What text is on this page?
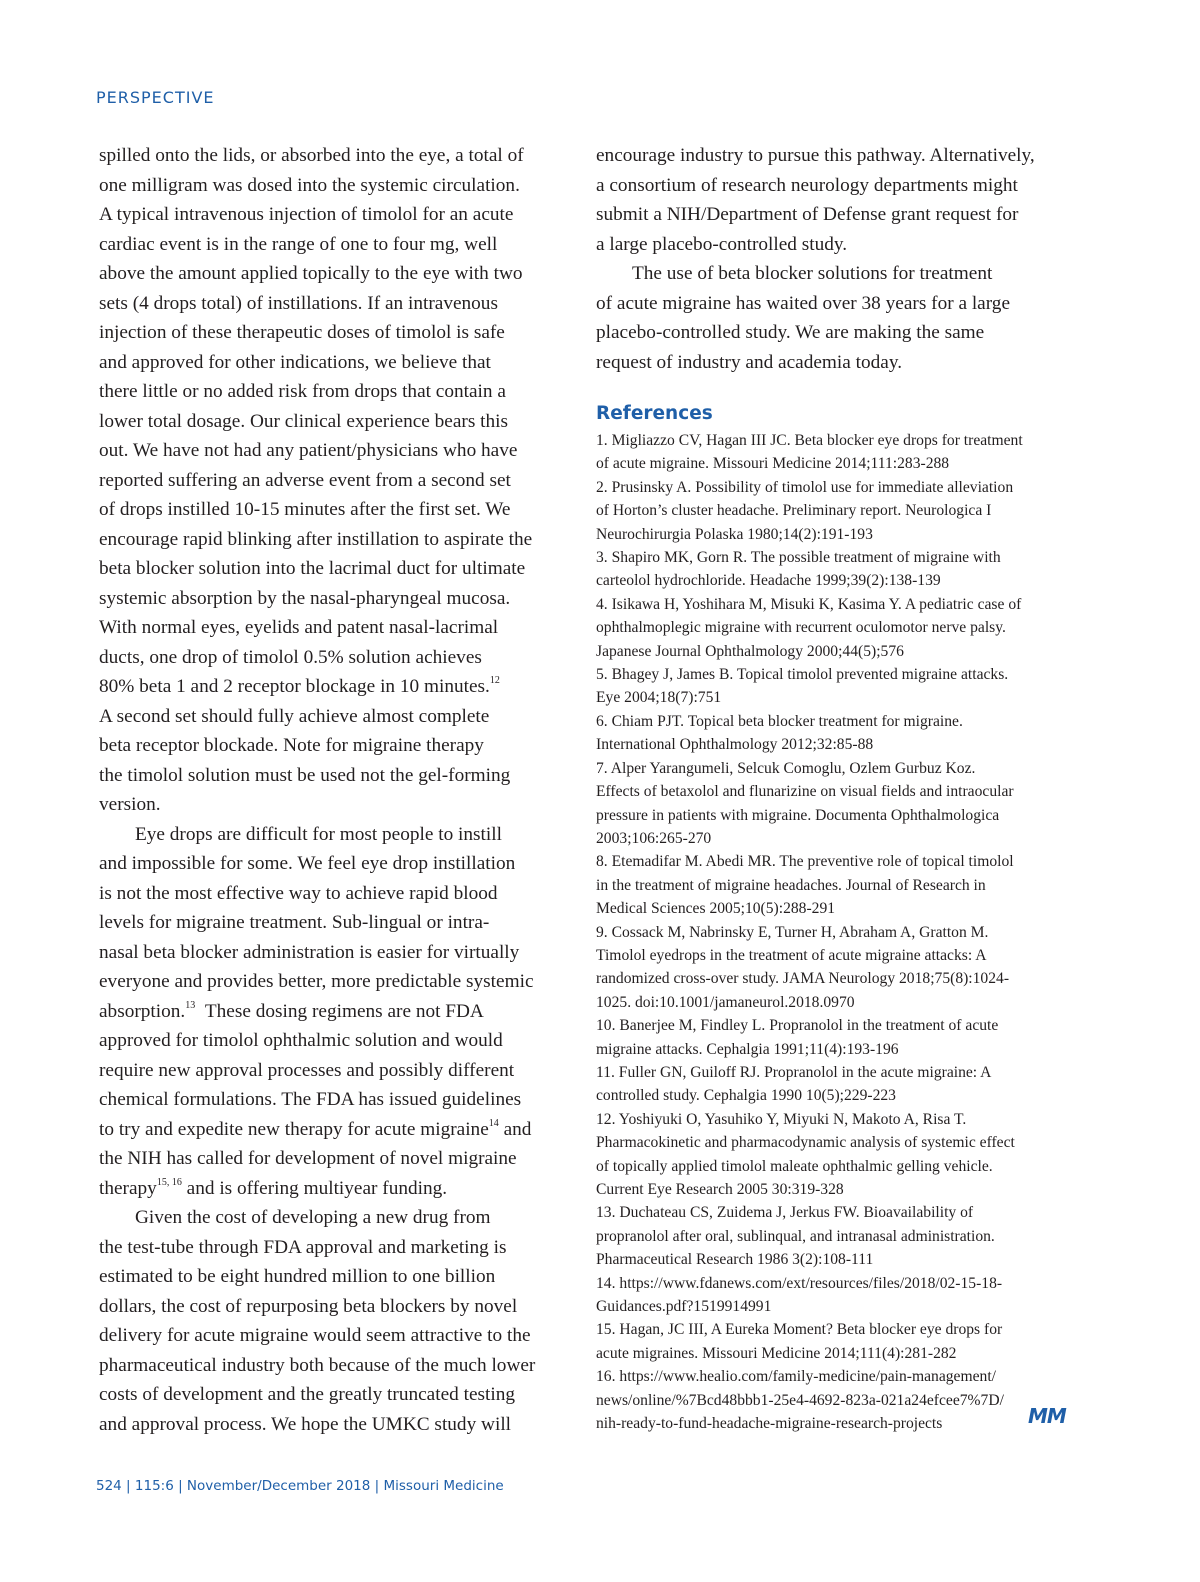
PERSPECTIVE
spilled onto the lids, or absorbed into the eye, a total of
one milligram was dosed into the systemic circulation.
A typical intravenous injection of timolol for an acute
cardiac event is in the range of one to four mg, well
above the amount applied topically to the eye with two
sets (4 drops total) of instillations. If an intravenous
injection of these therapeutic doses of timolol is safe
and approved for other indications, we believe that
there little or no added risk from drops that contain a
lower total dosage. Our clinical experience bears this
out. We have not had any patient/physicians who have
reported suffering an adverse event from a second set
of drops instilled 10-15 minutes after the first set. We
encourage rapid blinking after instillation to aspirate the
beta blocker solution into the lacrimal duct for ultimate
systemic absorption by the nasal-pharyngeal mucosa.
With normal eyes, eyelids and patent nasal-lacrimal
ducts, one drop of timolol 0.5% solution achieves
80% beta 1 and 2 receptor blockage in 10 minutes.$^{12}$
A second set should fully achieve almost complete
beta receptor blockade. Note for migraine therapy
the timolol solution must be used not the gel-forming
version.
Eye drops are difficult for most people to instill
and impossible for some. We feel eye drop instillation
is not the most effective way to achieve rapid blood
levels for migraine treatment. Sub-lingual or intra-
nasal beta blocker administration is easier for virtually
everyone and provides better, more predictable systemic
absorption.$^{13}$ These dosing regimens are not FDA
approved for timolol ophthalmic solution and would
require new approval processes and possibly different
chemical formulations. The FDA has issued guidelines
to try and expedite new therapy for acute migraine$^{14}$ and
the NIH has called for development of novel migraine
therapy$^{15, 16}$ and is offering multiyear funding.
Given the cost of developing a new drug from
the test-tube through FDA approval and marketing is
estimated to be eight hundred million to one billion
dollars, the cost of repurposing beta blockers by novel
delivery for acute migraine would seem attractive to the
pharmaceutical industry both because of the much lower
costs of development and the greatly truncated testing
and approval process. We hope the UMKC study will
encourage industry to pursue this pathway. Alternatively,
a consortium of research neurology departments might
submit a NIH/Department of Defense grant request for
a large placebo-controlled study.
The use of beta blocker solutions for treatment
of acute migraine has waited over 38 years for a large
placebo-controlled study. We are making the same
request of industry and academia today.
References
1. Migliazzo CV, Hagan III JC. Beta blocker eye drops for treatment
of acute migraine. Missouri Medicine 2014;111:283-288
2. Prusinsky A. Possibility of timolol use for immediate alleviation
of Horton’s cluster headache. Preliminary report. Neurologica I
Neurochirurgia Polaska 1980;14(2):191-193
3. Shapiro MK, Gorn R. The possible treatment of migraine with
carteolol hydrochloride. Headache 1999;39(2):138-139
4. Isikawa H, Yoshihara M, Misuki K, Kasima Y. A pediatric case of
ophthalmoplegic migraine with recurrent oculomotor nerve palsy.
Japanese Journal Ophthalmology 2000;44(5);576
5. Bhagey J, James B. Topical timolol prevented migraine attacks.
Eye 2004;18(7):751
6. Chiam PJT. Topical beta blocker treatment for migraine.
International Ophthalmology 2012;32:85-88
7. Alper Yarangumeli, Selcuk Comoglu, Ozlem Gurbuz Koz.
Effects of betaxolol and flunarizine on visual fields and intraocular
pressure in patients with migraine. Documenta Ophthalmologica
2003;106:265-270
8. Etemadifar M. Abedi MR. The preventive role of topical timolol
in the treatment of migraine headaches. Journal of Research in
Medical Sciences 2005;10(5):288-291
9. Cossack M, Nabrinsky E, Turner H, Abraham A, Gratton M.
Timolol eyedrops in the treatment of acute migraine attacks: A
randomized cross-over study. JAMA Neurology 2018;75(8):1024-
1025. doi:10.1001/jamaneurol.2018.0970
10. Banerjee M, Findley L. Propranolol in the treatment of acute
migraine attacks. Cephalgia 1991;11(4):193-196
11. Fuller GN, Guiloff RJ. Propranolol in the acute migraine: A
controlled study. Cephalgia 1990 10(5);229-223
12. Yoshiyuki O, Yasuhiko Y, Miyuki N, Makoto A, Risa T.
Pharmacokinetic and pharmacodynamic analysis of systemic effect
of topically applied timolol maleate ophthalmic gelling vehicle.
Current Eye Research 2005 30:319-328
13. Duchateau CS, Zuidema J, Jerkus FW. Bioavailability of
propranolol after oral, sublinqual, and intranasal administration.
Pharmaceutical Research 1986 3(2):108-111
14. https://www.fdanews.com/ext/resources/files/2018/02-15-18-
Guidances.pdf?1519914991
15. Hagan, JC III, A Eureka Moment? Beta blocker eye drops for
acute migraines. Missouri Medicine 2014;111(4):281-282
16. https://www.healio.com/family-medicine/pain-management/
news/online/%7Bcd48bbb1-25e4-4692-823a-021a24efcee7%7D/
nih-ready-to-fund-headache-migraine-research-projects	MM
524 | 115:6 | November/December 2018 | Missouri Medicine
